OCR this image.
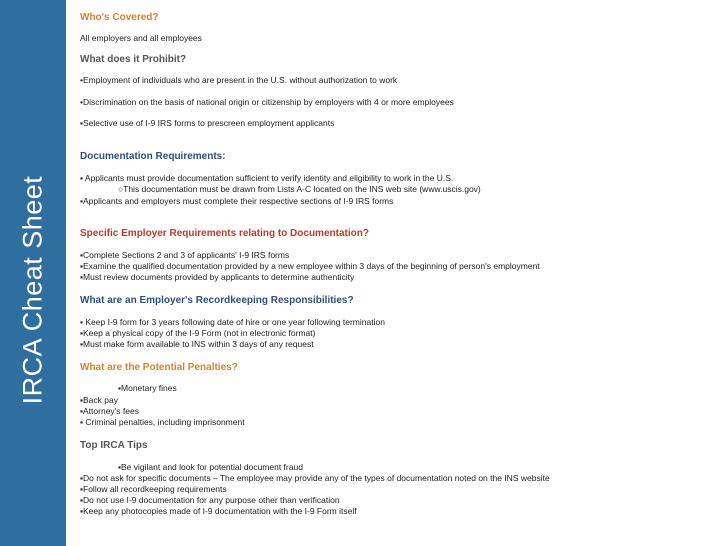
IRCA Cheat Sheet
Who's Covered?
All employers and all employees
What does it Prohibit?
•Employment of individuals who are present in the U.S. without authorization to work
•Discrimination on the basis of national origin or citizenship by employers with 4 or more employees
▪Selective use of I-9 IRS forms to prescreen employment applicants
Documentation Requirements:
▪ Applicants must provide documentation sufficient to verify identity and eligibility to work in the U.S.
○This documentation must be drawn from Lists A-C located on the INS web site (www.uscis.gov)
▪Applicants and employers must complete their respective sections of I-9 IRS forms
Specific Employer Requirements relating to Documentation?
▪Complete Sections 2 and 3 of applicants' I-9 IRS forms
▪Examine the qualified documentation provided by a new employee within 3 days of the beginning of person's employment
▪Must review documents provided by applicants to determine authenticity
What are an Employer's Recordkeeping Responsibilities?
▪ Keep I-9 form for 3 years following date of hire or one year following termination
▪Keep a physical copy of the I-9 Form (not in electronic format)
▪Must make form available to INS within 3 days of any request
What are the Potential Penalties?
▪Monetary fines
▪Back pay
▪Attorney's fees
▪ Criminal penalties, including imprisonment
Top IRCA Tips
▪Be vigilant and look for potential document fraud
▪Do not ask for specific documents – The employee may provide any of the types of documentation noted on the INS website
▪Follow all recordkeeping requirements
▪Do not use I-9 documentation for any purpose other than verification
▪Keep any photocopies made of I-9 documentation with the I-9 Form itself
